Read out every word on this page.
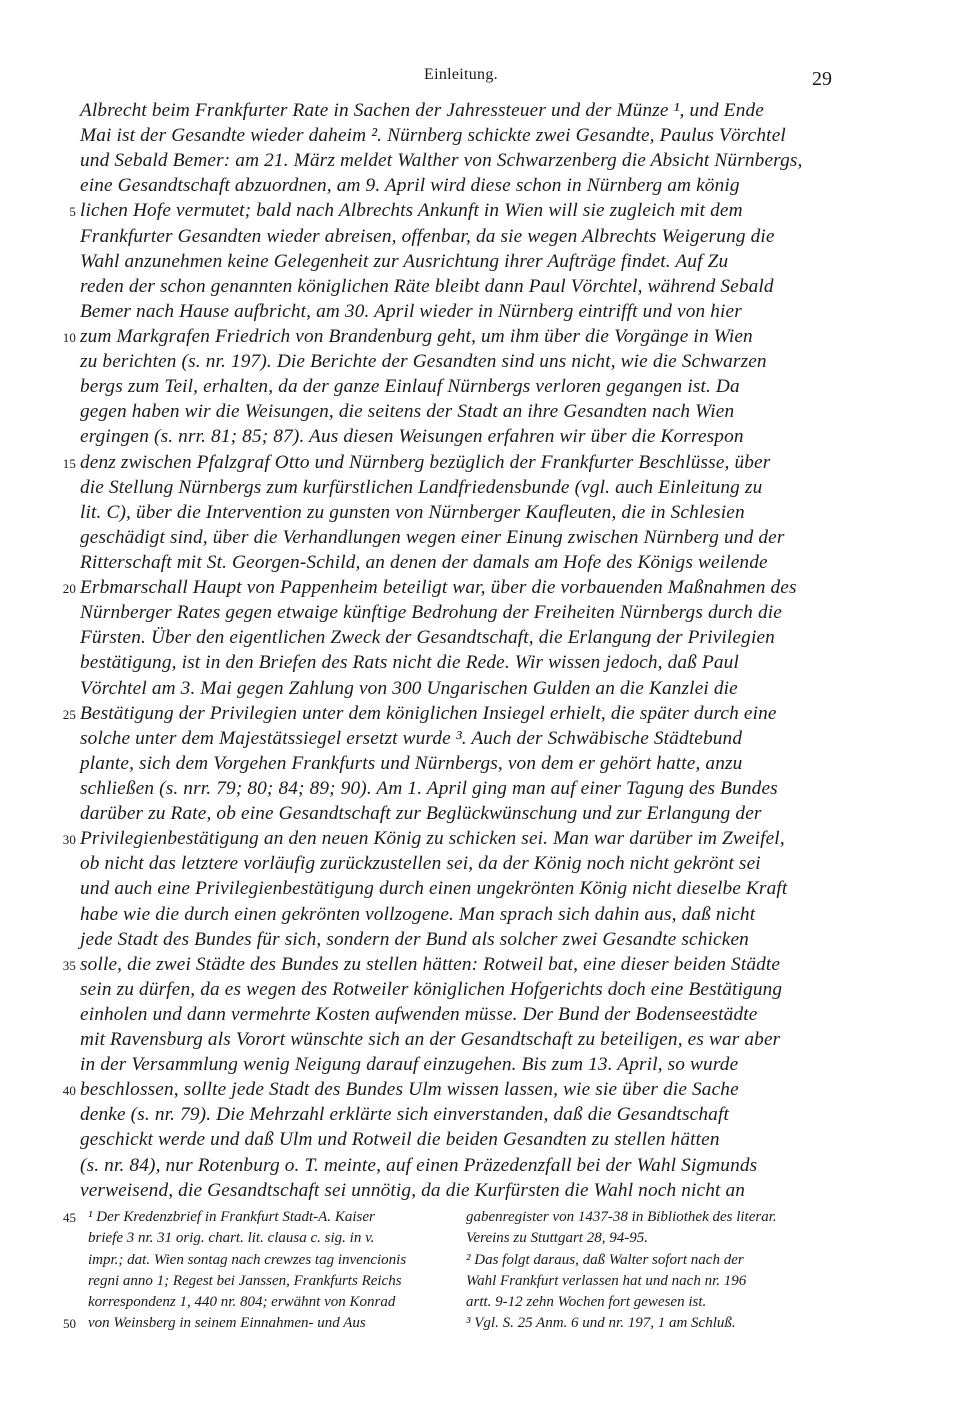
Einleitung.	29
Albrecht beim Frankfurter Rate in Sachen der Jahressteuer und der Münze ¹, und Ende
Mai ist der Gesandte wieder daheim ². Nürnberg schickte zwei Gesandte, Paulus Vörchtel
und Sebald Bemer: am 21. März meldet Walther von Schwarzenberg die Absicht Nürnbergs,
eine Gesandtschaft abzuordnen, am 9. April wird diese schon in Nürnberg am könig
5 lichen Hofe vermutet; bald nach Albrechts Ankunft in Wien will sie zugleich mit dem
Frankfurter Gesandten wieder abreisen, offenbar, da sie wegen Albrechts Weigerung die
Wahl anzunehmen keine Gelegenheit zur Ausrichtung ihrer Aufträge findet. Auf Zu
reden der schon genannten königlichen Räte bleibt dann Paul Vörchtel, während Sebald
Bemer nach Hause aufbricht, am 30. April wieder in Nürnberg eintrifft und von hier
10 zum Markgrafen Friedrich von Brandenburg geht, um ihm über die Vorgänge in Wien
zu berichten (s. nr. 197). Die Berichte der Gesandten sind uns nicht, wie die Schwarzen
bergs zum Teil, erhalten, da der ganze Einlauf Nürnbergs verloren gegangen ist. Da
gegen haben wir die Weisungen, die seitens der Stadt an ihre Gesandten nach Wien
ergingen (s. nrr. 81; 85; 87). Aus diesen Weisungen erfahren wir über die Korrespon
15 denz zwischen Pfalzgraf Otto und Nürnberg bezüglich der Frankfurter Beschlüsse, über
die Stellung Nürnbergs zum kurfürstlichen Landfriedensbunde (vgl. auch Einleitung zu
lit. C), über die Intervention zu gunsten von Nürnberger Kaufleuten, die in Schlesien
geschädigt sind, über die Verhandlungen wegen einer Einung zwischen Nürnberg und der
Ritterschaft mit St. Georgen-Schild, an denen der damals am Hofe des Königs weilende
20 Erbmarschall Haupt von Pappenheim beteiligt war, über die vorbauenden Maßnahmen des
Nürnberger Rates gegen etwaige künftige Bedrohung der Freiheiten Nürnbergs durch die
Fürsten. Über den eigentlichen Zweck der Gesandtschaft, die Erlangung der Privilegien
bestätigung, ist in den Briefen des Rats nicht die Rede. Wir wissen jedoch, daß Paul
Vörchtel am 3. Mai gegen Zahlung von 300 Ungarischen Gulden an die Kanzlei die
25 Bestätigung der Privilegien unter dem königlichen Insiegel erhielt, die später durch eine
solche unter dem Majestätssiegel ersetzt wurde ³. Auch der Schwäbische Städtebund
plante, sich dem Vorgehen Frankfurts und Nürnbergs, von dem er gehört hatte, anzu
schließen (s. nrr. 79; 80; 84; 89; 90). Am 1. April ging man auf einer Tagung des Bundes
darüber zu Rate, ob eine Gesandtschaft zur Beglückwünschung und zur Erlangung der
30 Privilegienbestätigung an den neuen König zu schicken sei. Man war darüber im Zweifel,
ob nicht das letztere vorläufig zurückzustellen sei, da der König noch nicht gekrönt sei
und auch eine Privilegienbestätigung durch einen ungekrönten König nicht dieselbe Kraft
habe wie die durch einen gekrönten vollzogene. Man sprach sich dahin aus, daß nicht
jede Stadt des Bundes für sich, sondern der Bund als solcher zwei Gesandte schicken
35 solle, die zwei Städte des Bundes zu stellen hätten: Rotweil bat, eine dieser beiden Städte
sein zu dürfen, da es wegen des Rotweiler königlichen Hofgerichts doch eine Bestätigung
einholen und dann vermehrte Kosten aufwenden müsse. Der Bund der Bodenseestädte
mit Ravensburg als Vorort wünschte sich an der Gesandtschaft zu beteiligen, es war aber
in der Versammlung wenig Neigung darauf einzugehen. Bis zum 13. April, so wurde
40 beschlossen, sollte jede Stadt des Bundes Ulm wissen lassen, wie sie über die Sache
denke (s. nr. 79). Die Mehrzahl erklärte sich einverstanden, daß die Gesandtschaft
geschickt werde und daß Ulm und Rotweil die beiden Gesandten zu stellen hätten
(s. nr. 84), nur Rotenburg o. T. meinte, auf einen Präzedenzfall bei der Wahl Sigmunds
verweisend, die Gesandtschaft sei unnötig, da die Kurfürsten die Wahl noch nicht an
45 ¹ Der Kredenzbrief in Frankfurt Stadt-A. Kaiser
briefe 3 nr. 31 orig. chart. lit. clausa c. sig. in v.
impr.; dat. Wien sontag nach crewzes tag invencionis
regni anno 1; Regest bei Janssen, Frankfurts Reichs
korrespondenz 1, 440 nr. 804; erwähnt von Konrad
50 von Weinsberg in seinem Einnahmen- und Aus
gabenregister von 1437-38 in Bibliothek des literar.
Vereins zu Stuttgart 28, 94-95.
² Das folgt daraus, daß Walter sofort nach der
Wahl Frankfurt verlassen hat und nach nr. 196
artt. 9-12 zehn Wochen fort gewesen ist.
³ Vgl. S. 25 Anm. 6 und nr. 197, 1 am Schluß.
